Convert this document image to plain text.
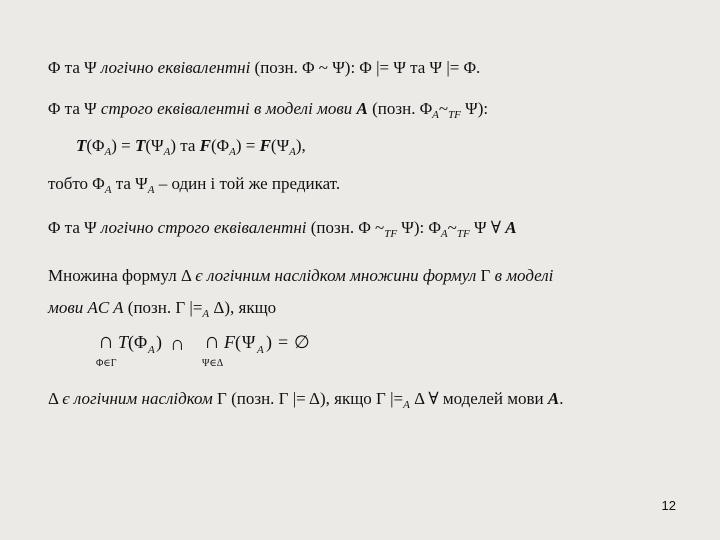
Φ та Ψ логічно еквівалентні (позн. Φ ~ Ψ): Φ |= Ψ та Ψ |= Φ.
Φ та Ψ строго еквівалентні в моделі мови A (позн. $\Phi_A\sim_{TF}$ Ψ):
$T(\Phi_A) = T(\Psi_A)$ та $F(\Phi_A) = F(\Psi_A)$,
тобто $\Phi_A$ та $\Psi_A$ – один і той же предикат.
Φ та Ψ логічно строго еквівалентні (позн. Φ $\sim_{TF}$ Ψ): $\Phi_A\sim_{TF}$ Ψ ∀ A
Множина формул Δ є логічним наслідком множини формул Γ в моделі
мови AC A (позн. Γ $|=_A$ Δ), якщо
∩ T ( Φ A )
Φ∈Γ
∩ ∩ F ( Ψ A )
Ψ∈Δ
= ∅
Δ є логічним наслідком Γ (позн. Γ |= Δ), якщо Γ $|=_A$ Δ ∀ моделей мови A.
12
